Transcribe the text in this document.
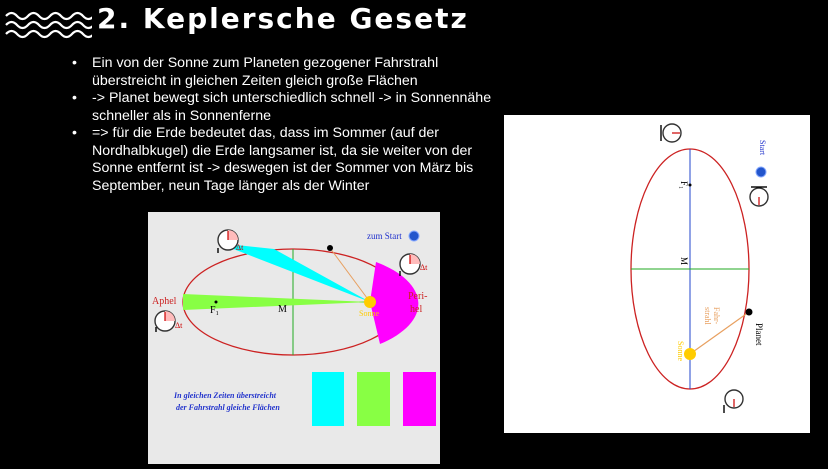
2. Keplersche Gesetz
• Ein von der Sonne zum Planeten gezogener Fahrstrahl überstreicht in gleichen Zeiten gleich große Flächen
• -> Planet bewegt sich unterschiedlich schnell -> in Sonnennähe schneller als in Sonnenferne
• => für die Erde bedeutet das, dass im Sommer (auf der Nordhalbkugel) die Erde langsamer ist, da sie weiter von der Sonne entfernt ist -> deswegen ist der Sommer von März bis September, neun Tage länger als der Winter
F₁	M
Aphel	Peri-
hel
Sonne
zum Start
Δt
Δt
Δt
In gleichen Zeiten überstreicht
der Fahrstrahl gleiche Flächen
F₁
M
Sonne
Planet
Fahr-
strahl
Start
